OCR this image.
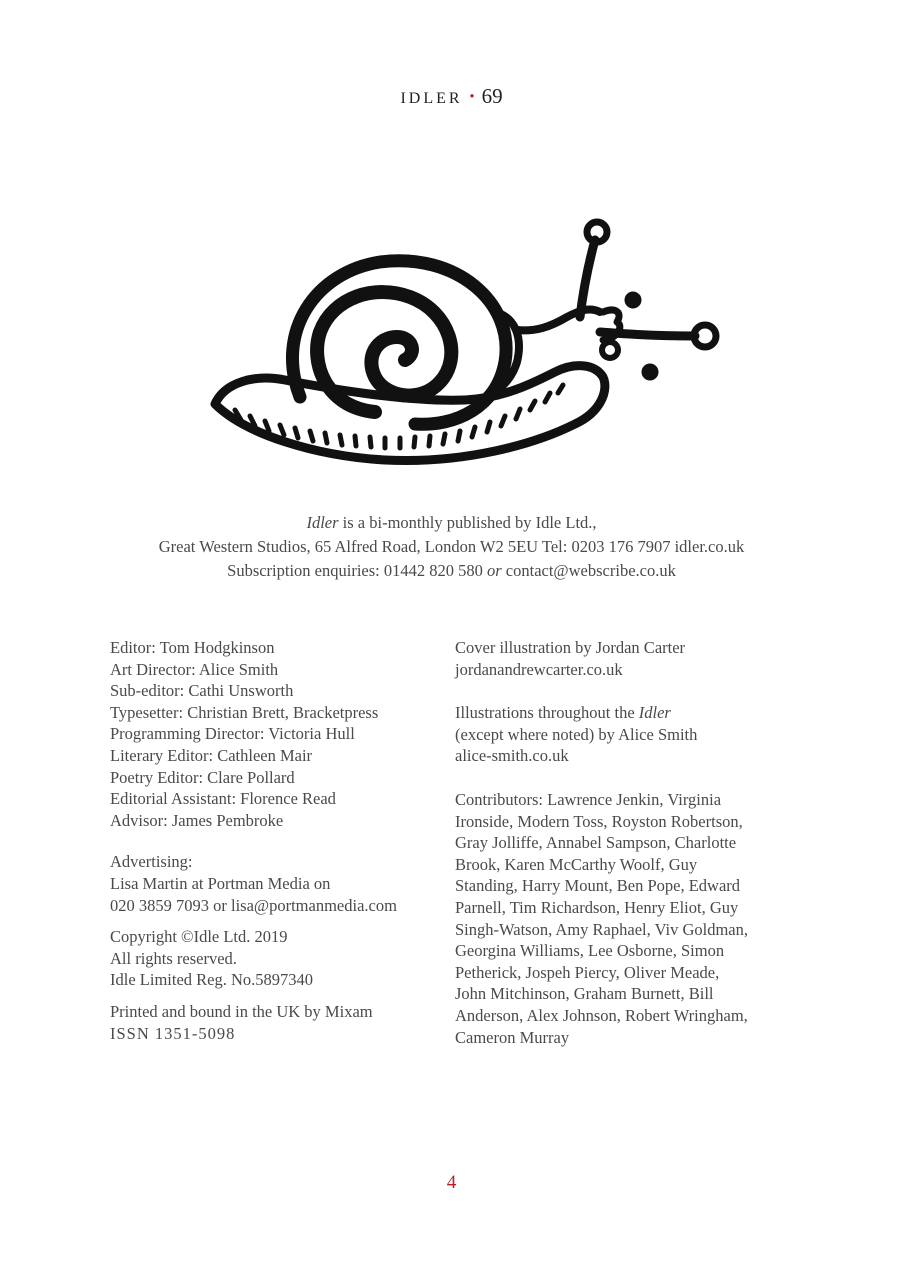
IDLER · 69
Idler is a bi-monthly published by Idle Ltd.,
Great Western Studios, 65 Alfred Road, London W2 5EU Tel: 0203 176 7907 idler.co.uk
Subscription enquiries: 01442 820 580 or contact@webscribe.co.uk
Editor: Tom Hodgkinson
Art Director: Alice Smith
Sub-editor: Cathi Unsworth
Typesetter: Christian Brett, Bracketpress
Programming Director: Victoria Hull
Literary Editor: Cathleen Mair
Poetry Editor: Clare Pollard
Editorial Assistant: Florence Read
Advisor: James Pembroke
Advertising:
Lisa Martin at Portman Media on
020 3859 7093 or lisa@portmanmedia.com
Copyright ©Idle Ltd. 2019
All rights reserved.
Idle Limited Reg. No.5897340
Printed and bound in the UK by Mixam
ISSN 1351-5098
Cover illustration by Jordan Carter
jordanandrewcarter.co.uk
Illustrations throughout the Idler
(except where noted) by Alice Smith
alice-smith.co.uk
Contributors: Lawrence Jenkin, Virginia
Ironside, Modern Toss, Royston Robertson,
Gray Jolliffe, Annabel Sampson, Charlotte
Brook, Karen McCarthy Woolf, Guy
Standing, Harry Mount, Ben Pope, Edward
Parnell, Tim Richardson, Henry Eliot, Guy
Singh-Watson, Amy Raphael, Viv Goldman,
Georgina Williams, Lee Osborne, Simon
Petherick, Jospeh Piercy, Oliver Meade,
John Mitchinson, Graham Burnett, Bill
Anderson, Alex Johnson, Robert Wringham,
Cameron Murray
4
